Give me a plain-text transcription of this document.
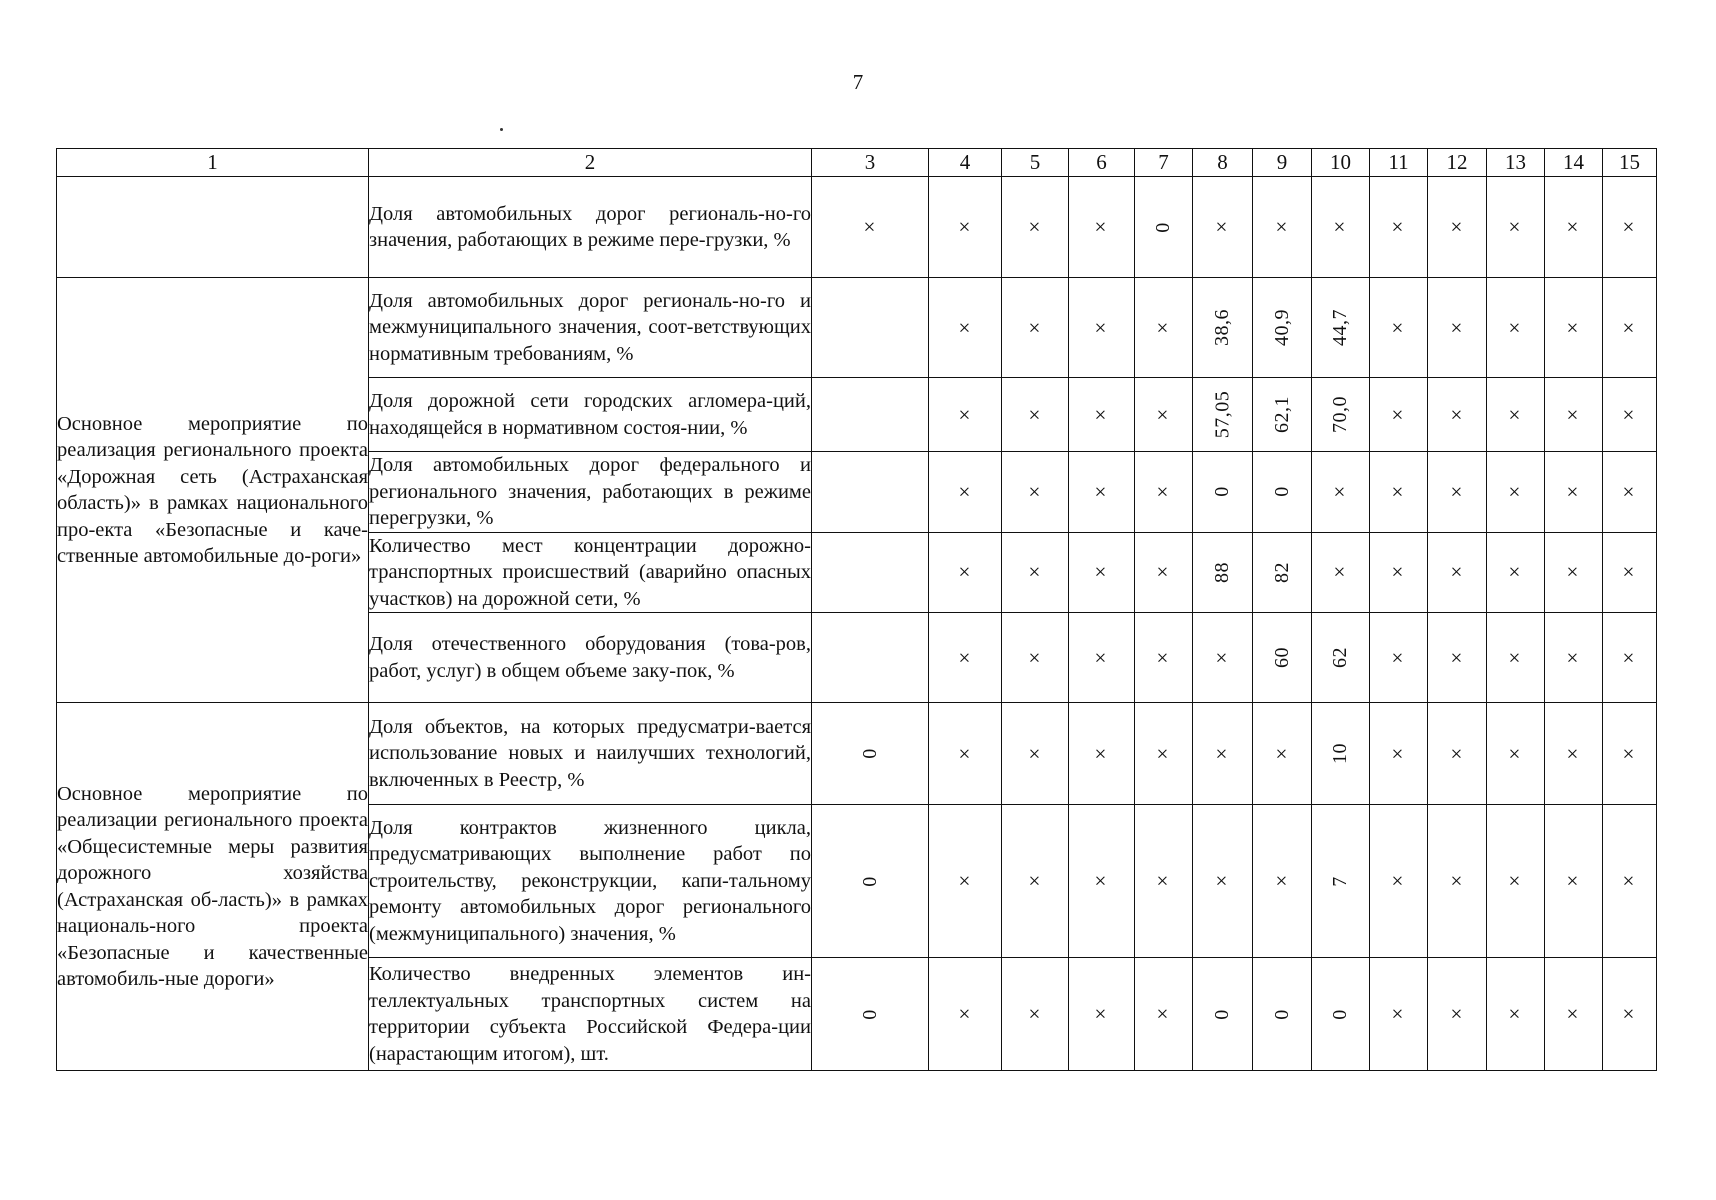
7
1	2	3	4	5	6	7	8	9	10	11	12	13	14	15

	Доля автомобильных дорог региональ-но-го значения, работающих в режиме пере-грузки, %	×	×	×	×	0	×	×	×	×	×	×	×	×

Основное мероприятие по реализация регионального проекта «Дорожная сеть (Астраханская область)» в рамках национального про-екта «Безопасные и каче-ственные автомобильные до-роги»	Доля автомобильных дорог региональ-но-го и межмуниципального значения, соот-ветствующих нормативным требованиям, %		×	×	×	×	38,6	40,9	44,7	×	×	×	×	×

	Доля дорожной сети городских агломера-ций, находящейся в нормативном состоя-нии, %		×	×	×	×	57,05	62,1	70,0	×	×	×	×	×

	Доля автомобильных дорог федерального и регионального значения, работающих в режиме перегрузки, %		×	×	×	×	0	0	×	×	×	×	×	×

	Количество мест концентрации дорожно-транспортных происшествий (аварийно опасных участков) на дорожной сети, %		×	×	×	×	88	82	×	×	×	×	×	×

	Доля отечественного оборудования (това-ров, работ, услуг) в общем объеме заку-пок, %		×	×	×	×	×	60	62	×	×	×	×	×

Основное мероприятие по реализации регионального проекта «Общесистемные меры развития дорожного хозяйства (Астраханская об-ласть)» в рамках националь-ного проекта «Безопасные и качественные автомобиль-ные дороги»	Доля объектов, на которых предусматри-вается использование новых и наилучших технологий, включенных в Реестр, %	0	×	×	×	×	×	×	10	×	×	×	×	×

	Доля контрактов жизненного цикла, предусматривающих выполнение работ по строительству, реконструкции, капи-тальному ремонту автомобильных дорог регионального (межмуниципального) значения, %	0	×	×	×	×	×	×	7	×	×	×	×	×

	Количество внедренных элементов ин-теллектуальных транспортных систем на территории субъекта Российской Федера-ции (нарастающим итогом), шт.	0	×	×	×	×	0	0	0	×	×	×	×	×
